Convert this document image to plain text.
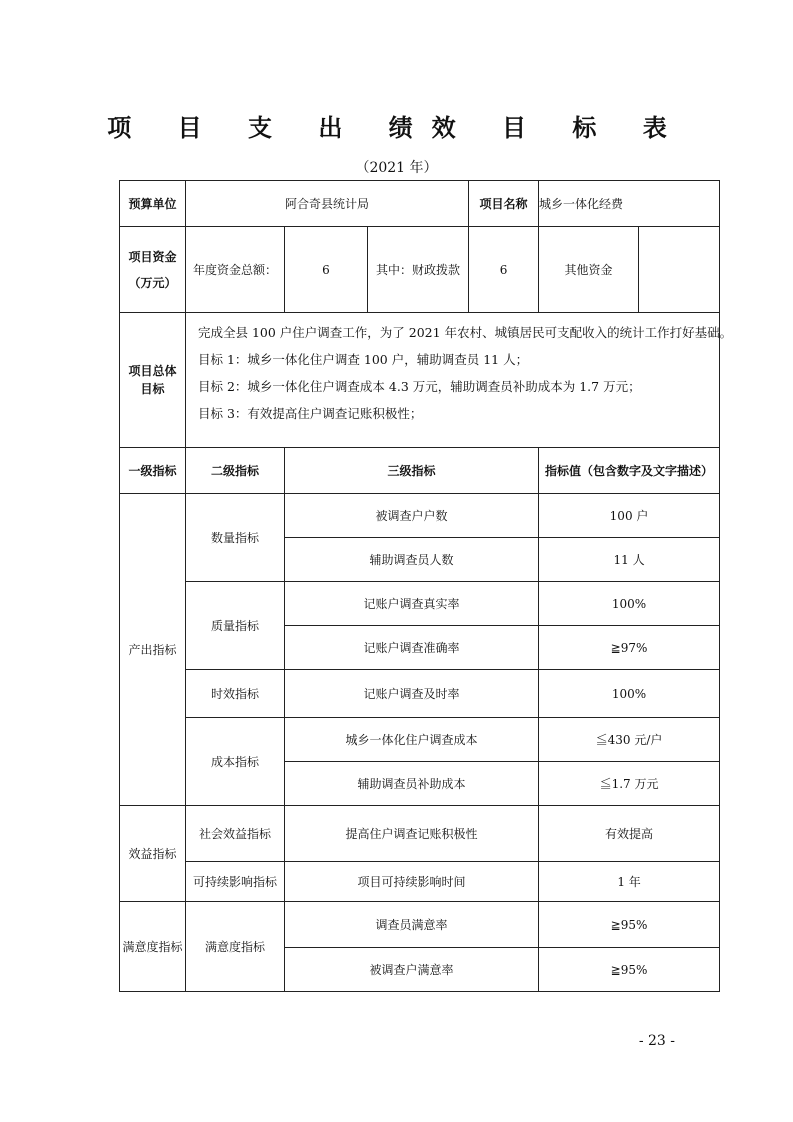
项 目 支 出 绩效 目 标 表
（2021 年）
预算单位	阿合奇县统计局			项目名称	城乡一体化经费	

项目资金
（万元）	年度资金总额：	6	其中：财政拨款	6	其他资金	
项目总体目标	完成全县 100 户住户调查工作，为了 2021 年农村、城镇居民可支配收入的统计工作打好基础。
目标 1：城乡一体化住户调查 100 户，辅助调查员 11 人；
目标 2：城乡一体化住户调查成本 4.3 万元，辅助调查员补助成本为 1.7 万元；
目标 3：有效提高住户调查记账积极性；					

一级指标	二级指标	三级指标			指标值（包含数字及文字描述）	
产出指标	数量指标	被调查户户数			100 户	
		辅助调查员人数			11 人	
	质量指标	记账户调查真实率			100%	
		记账户调查准确率			≧97%	
	时效指标	记账户调查及时率			100%	
	成本指标	城乡一体化住户调查成本			≦430 元/户	
		辅助调查员补助成本			≦1.7 万元	
效益指标	社会效益指标	提高住户调查记账积极性			有效提高	
	可持续影响指标	项目可持续影响时间			1 年	
满意度指标	满意度指标	调查员满意率			≧95%	
		被调查户满意率			≧95%	
- 23 -
